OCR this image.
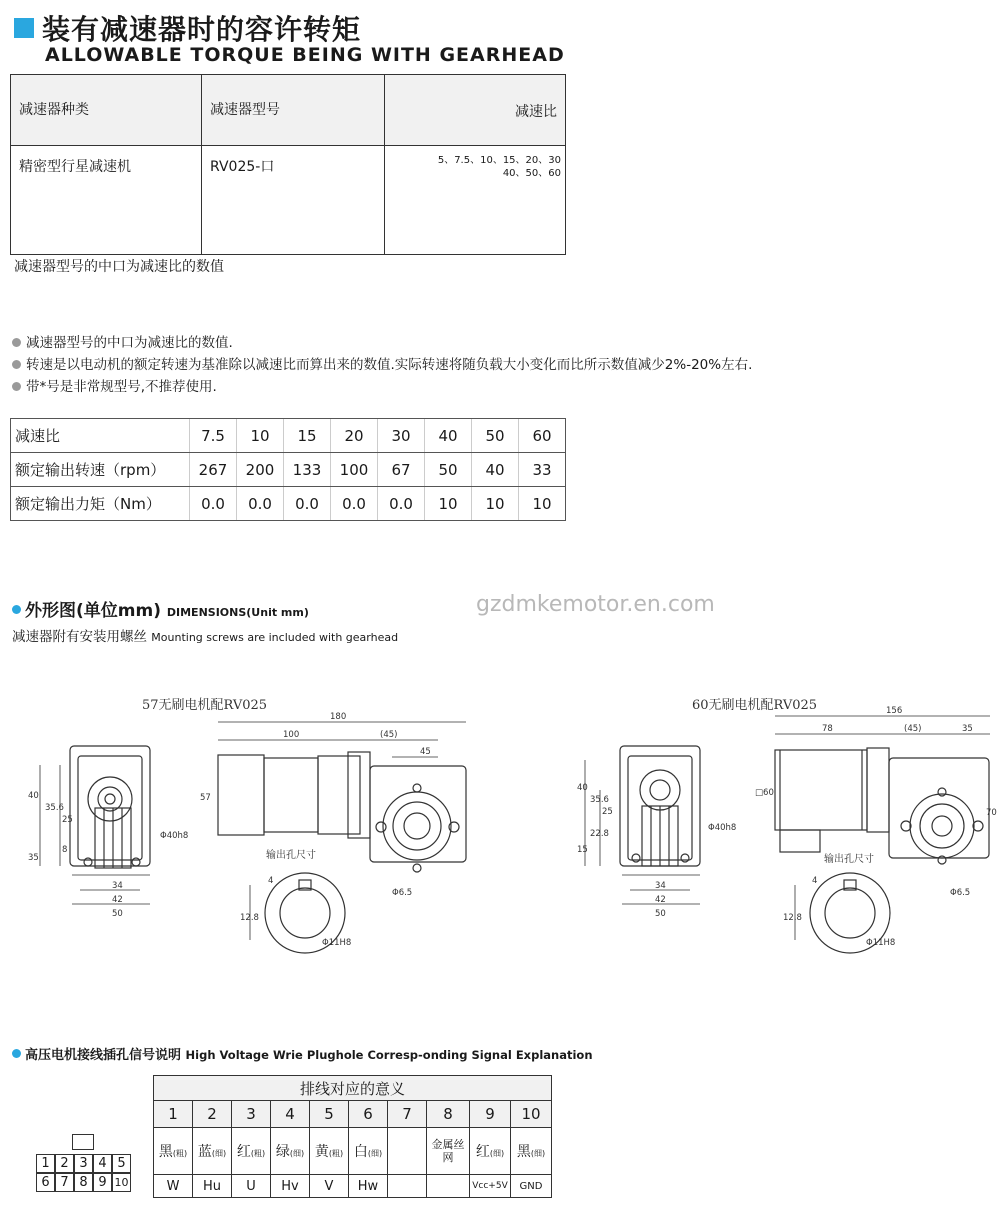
装有减速器时的容许转矩
ALLOWABLE TORQUE BEING WITH GEARHEAD
减速器种类	减速器型号	减速比

精密型行星减速机	RV025-口	5、7.5、10、15、20、30
40、50、60
减速器型号的中口为减速比的数值
减速器型号的中口为减速比的数值.
转速是以电动机的额定转速为基准除以减速比而算出来的数值.实际转速将随负载大小变化而比所示数值减少2%-20%左右.
带*号是非常规型号,不推荐使用.
减速比	7.5	10	15	20	30	40	50	60
额定输出转速（rpm）	267	200	133	100	67	50	40	33
额定输出力矩（Nm）	0.0	0.0	0.0	0.0	0.0	10	10	10
外形图(单位mm) DIMENSIONS(Unit mm)	gzdmkemotor.en.com
减速器附有安装用螺丝 Mounting screws are included with gearhead
57无刷电机配RV025	60无刷电机配RV025
180
100	(45)
45
57
40
35.6
25
35
8
34
42
50
Φ40h8
Φ6.5
输出孔尺寸
4
12.8
Φ11H8
156
78	(45)	35
□60
40
35.6
25
22.8
15
34
42
50
Φ40h8
Φ6.5
70
输出孔尺寸
4
12.8
Φ11H8
高压电机接线插孔信号说明 High Voltage Wrie Plughole Corresp-onding Signal Explanation
1 2 3 4 5
6 7 8 9 10
排线对应的意义									
1	2	3	4	5	6	7	8	9	10
黑(粗)	蓝(细)	红(粗)	绿(细)	黄(粗)	白(细)		金属丝网	红(细)	黑(细)
W	Hu	U	Hv	V	Hw			Vcc+5V	GND
